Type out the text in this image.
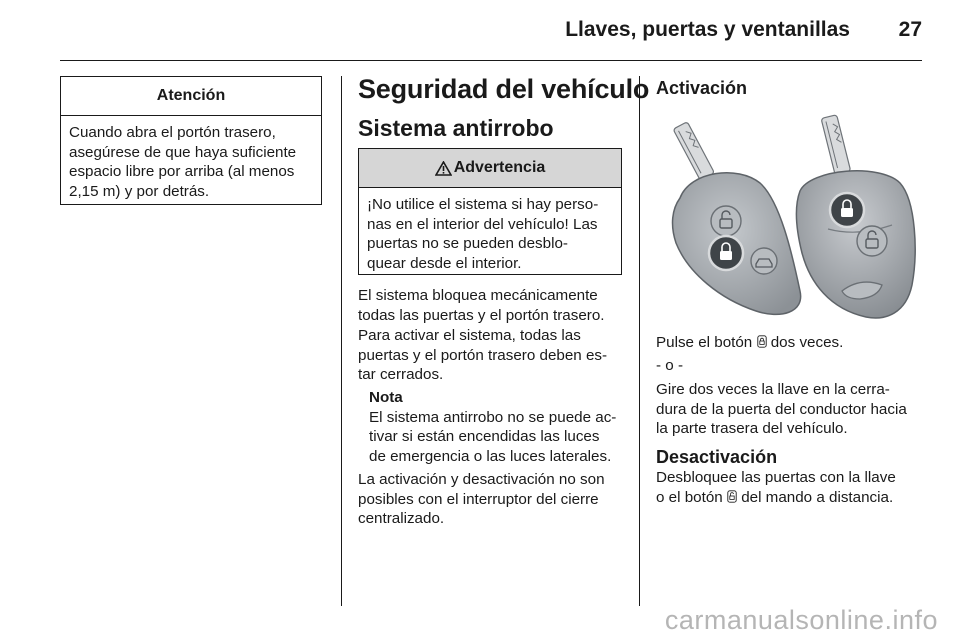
Llaves, puertas y ventanillas 27
Atención
Cuando abra el portón trasero,
asegúrese de que haya suficiente
espacio libre por arriba (al menos
2,15 m) y por detrás.
Seguridad del vehículo
Sistema antirrobo
Advertencia
¡No utilice el sistema si hay perso-
nas en el interior del vehículo! Las
puertas no se pueden desblo-
quear desde el interior.
El sistema bloquea mecánicamente
todas las puertas y el portón trasero.
Para activar el sistema, todas las
puertas y el portón trasero deben es-
tar cerrados.
Nota
El sistema antirrobo no se puede ac-
tivar si están encendidas las luces
de emergencia o las luces laterales.
La activación y desactivación no son
posibles con el interruptor del cierre
centralizado.
Activación
Pulse el botón dos veces.
- o -
Gire dos veces la llave en la cerra-
dura de la puerta del conductor hacia
la parte trasera del vehículo.
Desactivación
Desbloquee las puertas con la llave
o el botón del mando a distancia.
carmanualsonline.info
